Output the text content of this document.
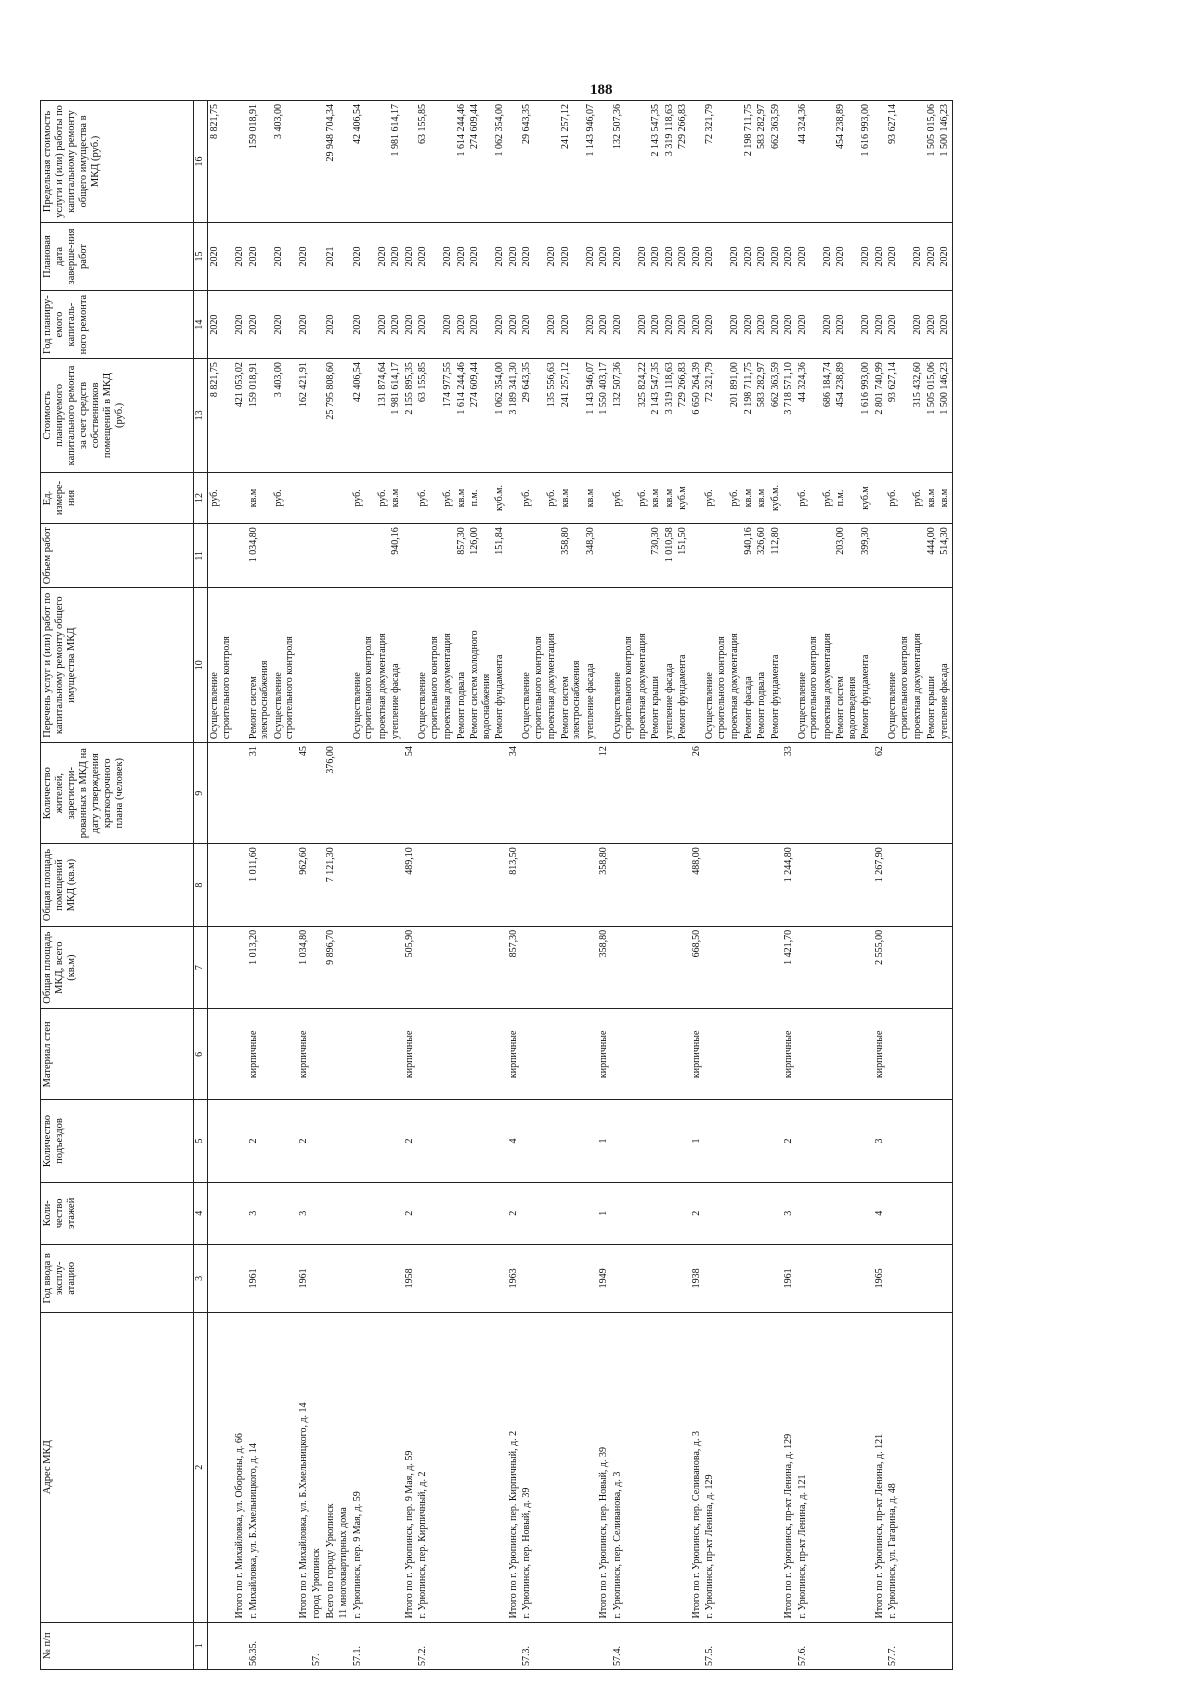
188
№ п/п	Адрес МКД	Год ввода в эксплу-атацию	Коли-чество этажей	Количество подъездов	Материал стен	Общая площадь МКД, всего (кв.м)	Общая площадь помещений МКД (кв.м)	Количество жителей, зарегистри-рованных в МКД на дату утверждения краткосрочного плана (человек)	Перечень услуг и (или) работ по капитальному ремонту общего имущества МКД	Объем работ	Ед. измере-ния	Стоимость планируемого капитального ремонта за счет средств собственников помещений в МКД (руб.)	Год планиру-емого капиталь-ного ремонта	Плановая дата заверше-ния работ	Предельная стоимость услуги и (или) работы по капитальному ремонту общего имущества в МКД (руб.)
1	2	3	4	5	6	7	8	9	10	11	12	13	14	15	16

									Осуществление строительного контроля		руб.	8 821,75	2020	2020	8 821,75

	Итого по г. Михайловка, ул. Обороны, д. 66											421 053,02	2020	2020	

56.35.	г. Михайловка, ул. Б.Хмельницкого, д. 14	1961	3	2	кирпичные	1 013,20	1 011,60	31	Ремонт систем электроснабжения	1 034,80	кв.м	159 018,91	2020	2020	159 018,91

									Осуществление строительного контроля		руб.	3 403,00	2020	2020	3 403,00

	Итого по г. Михайловка, ул. Б.Хмельницкого, д. 14	1961	3	2	кирпичные	1 034,80	962,60	45				162 421,91	2020	2020	

57.	город Урюпинск														

	Всего по городу Урюпинск					9 896,70	7 121,30	376,00				25 795 808,60	2020	2021	29 948 704,34

	11 многоквартирных дома														

57.1.	г. Урюпинск, пер. 9 Мая, д. 59								Осуществление строительного контроля		руб.	42 406,54	2020	2020	42 406,54

									проектная документация		руб.	131 874,64	2020	2020	

									утепление фасада	940,16	кв.м	1 981 614,17	2020	2020	1 981 614,17

	Итого по г. Урюпинск, пер. 9 Мая, д. 59	1958	2	2	кирпичные	505,90	489,10	54				2 155 895,35	2020	2020	

57.2.	г. Урюпинск, пер. Кирпичный, д. 2								Осуществление строительного контроля		руб.	63 155,85	2020	2020	63 155,85

									проектная документация		руб.	174 977,55	2020	2020	

									Ремонт подвала	857,30	кв.м	1 614 244,46	2020	2020	1 614 244,46

									Ремонт систем холодного водоснабжения	126,00	п.м.	274 609,44	2020	2020	274 609,44

									Ремонт фундамента	151,84	куб.м.	1 062 354,00	2020	2020	1 062 354,00

	Итого по г. Урюпинск, пер. Кирпичный, д. 2	1963	2	4	кирпичные	857,30	813,50	34				3 189 341,30	2020	2020	

57.3.	г. Урюпинск, пер. Новый, д. 39								Осуществление строительного контроля		руб.	29 643,35	2020	2020	29 643,35

									проектная документация		руб.	135 556,63	2020	2020	

									Ремонт систем электроснабжения	358,80	кв.м	241 257,12	2020	2020	241 257,12

									утепление фасада	348,30	кв.м	1 143 946,07	2020	2020	1 143 946,07

	Итого по г. Урюпинск, пер. Новый, д. 39	1949	1	1	кирпичные	358,80	358,80	12				1 550 403,17	2020	2020	

57.4.	г. Урюпинск, пер. Селиванова, д. 3								Осуществление строительного контроля		руб.	132 507,36	2020	2020	132 507,36

									проектная документация		руб.	325 824,22	2020	2020	

									Ремонт крыши	730,30	кв.м	2 143 547,35	2020	2020	2 143 547,35

									утепление фасада	1 010,58	кв.м	3 319 118,63	2020	2020	3 319 118,63

									Ремонт фундамента	151,50	куб.м	729 266,83	2020	2020	729 266,83

	Итого по г. Урюпинск, пер. Селиванова, д. 3	1938	2	1	кирпичные	668,50	488,00	26				6 650 264,39	2020	2020	

57.5.	г. Урюпинск, пр-кт Ленина, д. 129								Осуществление строительного контроля		руб.	72 321,79	2020	2020	72 321,79

									проектная документация		руб.	201 891,00	2020	2020	

									Ремонт фасада	940,16	кв.м	2 198 711,75	2020	2020	2 198 711,75

									Ремонт подвала	326,60	кв.м	583 282,97	2020	2020	583 282,97

									Ремонт фундамента	112,80	куб.м.	662 363,59	2020	2020	662 363,59

	Итого по г. Урюпинск, пр-кт Ленина, д. 129	1961	3	2	кирпичные	1 421,70	1 244,80	33				3 718 571,10	2020	2020	

57.6.	г. Урюпинск, пр-кт Ленина, д. 121								Осуществление строительного контроля		руб.	44 324,36	2020	2020	44 324,36

									проектная документация		руб.	686 184,74	2020	2020	

									Ремонт систем водоотведения	203,00	п.м.	454 238,89	2020	2020	454 238,89

									Ремонт фундамента	399,30	куб.м	1 616 993,00	2020	2020	1 616 993,00

	Итого по г. Урюпинск, пр-кт Ленина, д. 121	1965	4	3	кирпичные	2 555,00	1 267,90	62				2 801 740,99	2020	2020	

57.7.	г. Урюпинск, ул. Гагарина, д. 48								Осуществление строительного контроля		руб.	93 627,14	2020	2020	93 627,14

									проектная документация		руб.	315 432,60	2020	2020	

									Ремонт крыши	444,00	кв.м	1 505 015,06	2020	2020	1 505 015,06

									утепление фасада	514,30	кв.м	1 500 146,23	2020	2020	1 500 146,23
